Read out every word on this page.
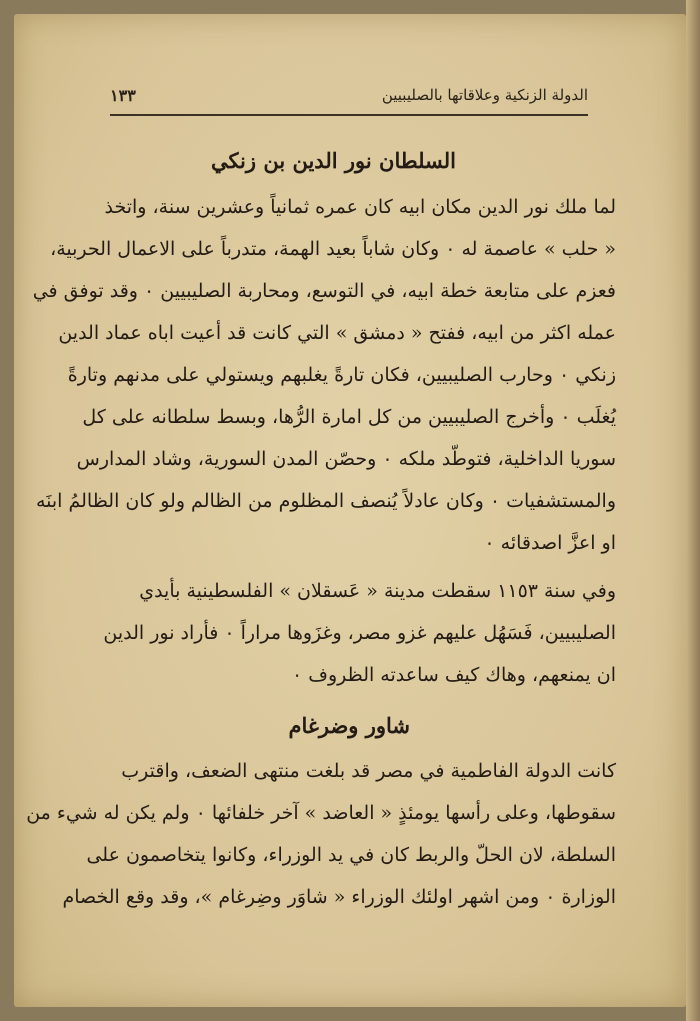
الدولة الزنكية وعلاقاتها بالصليبيين
١٣٣
السلطان نور الدين بن زنكي
لما ملك نور الدين مكان ابيه كان عمره ثمانياً وعشرين سنة، واتخذ
« حلب » عاصمة له ٠ وكان شاباً بعيد الهمة، متدرباً على الاعمال الحربية،
فعزم على متابعة خطة ابيه، في التوسع، ومحاربة الصليبيين ٠ وقد توفق في
عمله اكثر من ابيه، ففتح « دمشق » التي كانت قد أعيت اباه عماد الدين
زنكي ٠ وحارب الصليبيين، فكان تارةً يغلبهم ويستولي على مدنهم وتارةً
يُغلَب ٠ وأخرج الصليبيين من كل امارة الرُّها، وبسط سلطانه على كل
سوريا الداخلية، فتوطّد ملكه ٠ وحصّن المدن السورية، وشاد المدارس
والمستشفيات ٠ وكان عادلاً يُنصف المظلوم من الظالم ولو كان الظالمُ ابنَه
او اعزَّ اصدقائه ٠
وفي سنة ١١٥٣ سقطت مدينة « عَسقلان » الفلسطينية بأيدي
الصليبيين، فَسَهُل عليهم غزو مصر، وغزَوها مراراً ٠ فأراد نور الدين
ان يمنعهم، وهاك كيف ساعدته الظروف ٠
شاور وضرغام
كانت الدولة الفاطمية في مصر قد بلغت منتهى الضعف، واقترب
سقوطها، وعلى رأسها يومئذٍ « العاضد » آخر خلفائها ٠ ولم يكن له شيء من
السلطة، لان الحلّ والربط كان في يد الوزراء، وكانوا يتخاصمون على
الوزارة ٠ ومن اشهر اولئك الوزراء « شاوَر وضِرغام »، وقد وقع الخصام
